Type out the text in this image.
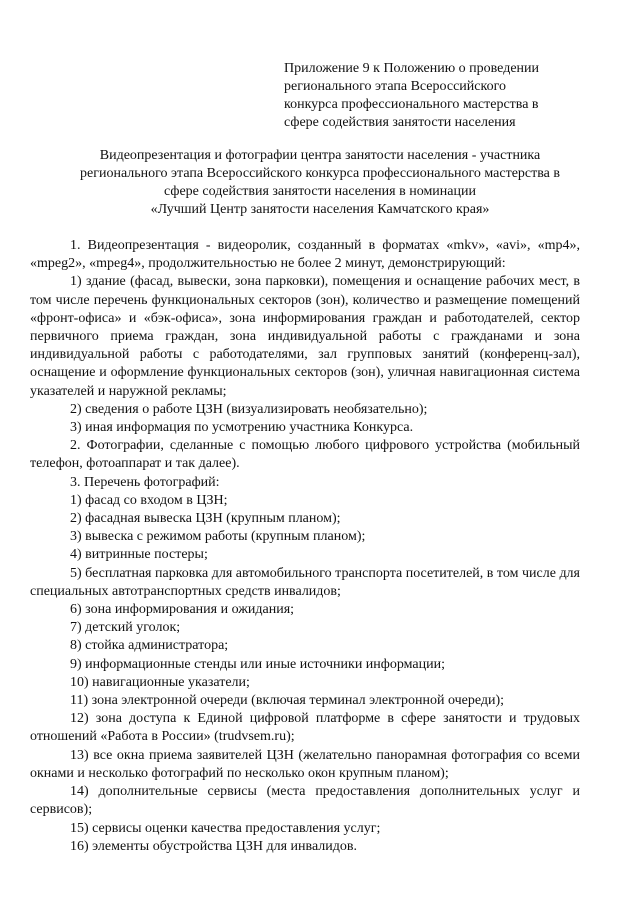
Приложение 9 к Положению о проведении
регионального этапа Всероссийского
конкурса профессионального мастерства в
сфере содействия занятости населения
Видеопрезентация и фотографии центра занятости населения - участника
регионального этапа Всероссийского конкурса профессионального мастерства в
сфере содействия занятости населения в номинации
«Лучший Центр занятости населения Камчатского края»

1. Видеопрезентация - видеоролик, созданный в форматах «mkv», «avi», «mp4», «mpeg2», «mpeg4», продолжительностью не более 2 минут, демонстрирующий:

1) здание (фасад, вывески, зона парковки), помещения и оснащение рабочих мест, в том числе перечень функциональных секторов (зон), количество и размещение помещений «фронт-офиса» и «бэк-офиса», зона информирования граждан и работодателей, сектор первичного приема граждан, зона индивидуальной работы с гражданами и зона индивидуальной работы с работодателями, зал групповых занятий (конференц-зал), оснащение и оформление функциональных секторов (зон), уличная навигационная система указателей и наружной рекламы;

2) сведения о работе ЦЗН (визуализировать необязательно);

3) иная информация по усмотрению участника Конкурса.

2. Фотографии, сделанные с помощью любого цифрового устройства (мобильный телефон, фотоаппарат и так далее).

3. Перечень фотографий:

1) фасад со входом в ЦЗН;

2) фасадная вывеска ЦЗН (крупным планом);

3) вывеска с режимом работы (крупным планом);

4) витринные постеры;

5) бесплатная парковка для автомобильного транспорта посетителей, в том числе для специальных автотранспортных средств инвалидов;

6) зона информирования и ожидания;

7) детский уголок;

8) стойка администратора;

9) информационные стенды или иные источники информации;

10) навигационные указатели;

11) зона электронной очереди (включая терминал электронной очереди);

12) зона доступа к Единой цифровой платформе в сфере занятости и трудовых отношений «Работа в России» (trudvsem.ru);

13) все окна приема заявителей ЦЗН (желательно панорамная фотография со всеми окнами и несколько фотографий по несколько окон крупным планом);

14) дополнительные сервисы (места предоставления дополнительных услуг и сервисов);

15) сервисы оценки качества предоставления услуг;

16) элементы обустройства ЦЗН для инвалидов.
